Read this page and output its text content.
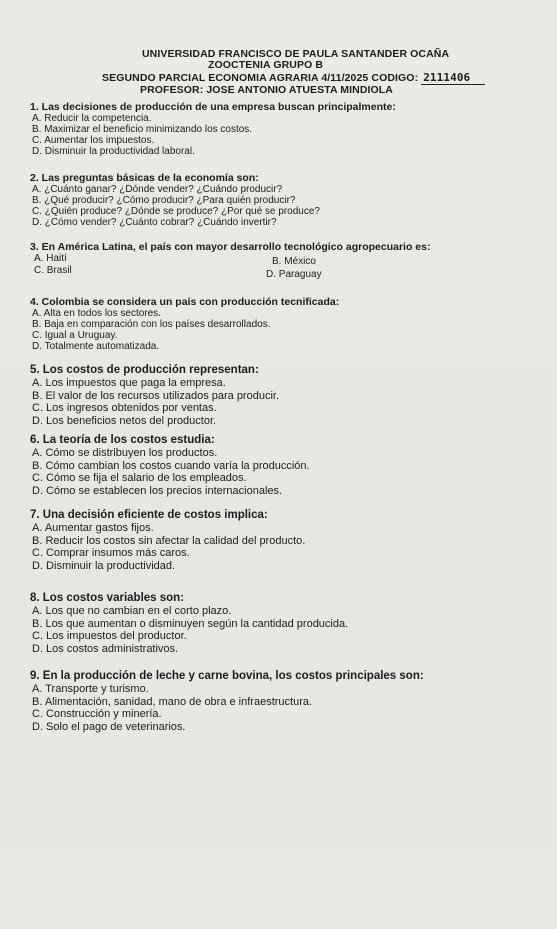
UNIVERSIDAD FRANCISCO DE PAULA SANTANDER OCAÑA
ZOOCTENIA GRUPO B
SEGUNDO PARCIAL ECONOMIA AGRARIA 4/11/2025 CODIGO: 2111406
PROFESOR: JOSE ANTONIO ATUESTA MINDIOLA
1. Las decisiones de producción de una empresa buscan principalmente:
A. Reducir la competencia.
B. Maximizar el beneficio minimizando los costos.
C. Aumentar los impuestos.
D. Disminuir la productividad laboral.
2. Las preguntas básicas de la economía son:
A. ¿Cuánto ganar? ¿Dónde vender? ¿Cuándo producir?
B. ¿Qué producir? ¿Cómo producir? ¿Para quién producir?
C. ¿Quién produce? ¿Dónde se produce? ¿Por qué se produce?
D. ¿Cómo vender? ¿Cuánto cobrar? ¿Cuándo invertir?
3. En América Latina, el país con mayor desarrollo tecnológico agropecuario es:
A. Haití	B. México
C. Brasil	D. Paraguay
4. Colombia se considera un país con producción tecnificada:
A. Alta en todos los sectores.
B. Baja en comparación con los países desarrollados.
C. Igual a Uruguay.
D. Totalmente automatizada.
5. Los costos de producción representan:
A. Los impuestos que paga la empresa.
B. El valor de los recursos utilizados para producir.
C. Los ingresos obtenidos por ventas.
D. Los beneficios netos del productor.
6. La teoría de los costos estudia:
A. Cómo se distribuyen los productos.
B. Cómo cambian los costos cuando varía la producción.
C. Cómo se fija el salario de los empleados.
D. Cómo se establecen los precios internacionales.
7. Una decisión eficiente de costos implica:
A. Aumentar gastos fijos.
B. Reducir los costos sin afectar la calidad del producto.
C. Comprar insumos más caros.
D. Disminuir la productividad.
8. Los costos variables son:
A. Los que no cambian en el corto plazo.
B. Los que aumentan o disminuyen según la cantidad producida.
C. Los impuestos del productor.
D. Los costos administrativos.
9. En la producción de leche y carne bovina, los costos principales son:
A. Transporte y turismo.
B. Alimentación, sanidad, mano de obra e infraestructura.
C. Construcción y minería.
D. Solo el pago de veterinarios.
